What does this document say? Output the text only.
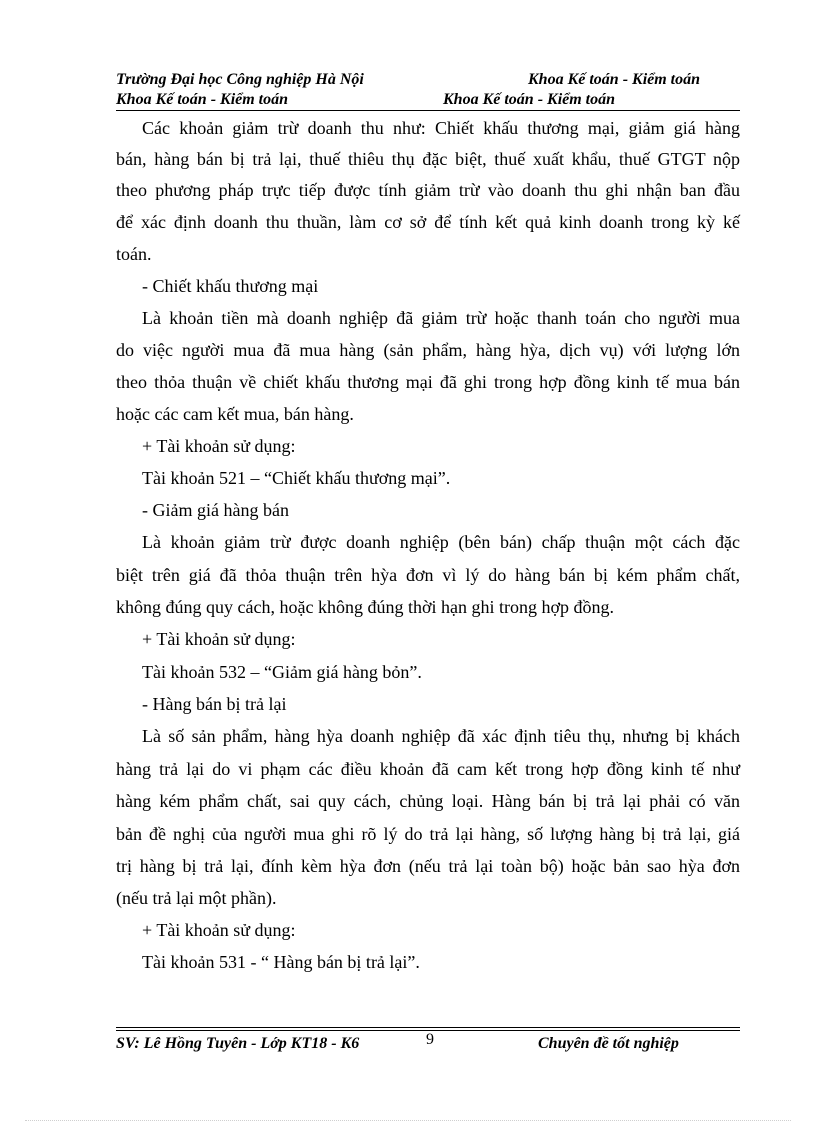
Trường Đại học Công nghiệp Hà Nội	Khoa Kế toán - Kiểm toán
Khoa Kế toán - Kiểm toán	Khoa Kế toán - Kiểm toán
Các khoản giảm trừ doanh thu như: Chiết khấu thương mại, giảm giá hàng
bán, hàng bán bị trả lại, thuế thiêu thụ đặc biệt, thuế xuất khẩu, thuế GTGT nộp
theo phương pháp trực tiếp được tính giảm trừ vào doanh thu ghi nhận ban đầu
để xác định doanh thu thuần, làm cơ sở để tính kết quả kinh doanh trong kỳ kế
toán.
- Chiết khấu thương mại
Là khoản tiền mà doanh nghiệp đã giảm trừ hoặc thanh toán cho người mua
do việc người mua đã mua hàng (sản phẩm, hàng hỳa, dịch vụ) với lượng lớn
theo thỏa thuận về chiết khấu thương mại đã ghi trong hợp đồng kinh tế mua bán
hoặc các cam kết mua, bán hàng.
+ Tài khoản sử dụng:
Tài khoản 521 – “Chiết khấu thương mại”.
- Giảm giá hàng bán
Là khoản giảm trừ được doanh nghiệp (bên bán) chấp thuận một cách đặc
biệt trên giá đã thỏa thuận trên hỳa đơn vì lý do hàng bán bị kém phẩm chất,
không đúng quy cách, hoặc không đúng thời hạn ghi trong hợp đồng.
+ Tài khoản sử dụng:
Tài khoản 532 – “Giảm giá hàng bỏn”.
- Hàng bán bị trả lại
Là số sản phẩm, hàng hỳa doanh nghiệp đã xác định tiêu thụ, nhưng bị khách
hàng trả lại do vi phạm các điều khoản đã cam kết trong hợp đồng kinh tế như
hàng kém phẩm chất, sai quy cách, chủng loại. Hàng bán bị trả lại phải có văn
bản đề nghị của người mua ghi rõ lý do trả lại hàng, số lượng hàng bị trả lại, giá
trị hàng bị trả lại, đính kèm hỳa đơn (nếu trả lại toàn bộ) hoặc bản sao hỳa đơn
(nếu trả lại một phần).
+ Tài khoản sử dụng:
Tài khoản 531 - “ Hàng bán bị trả lại”.
SV: Lê Hồng Tuyên - Lớp KT18 - K6	9	Chuyên đề tốt nghiệp
